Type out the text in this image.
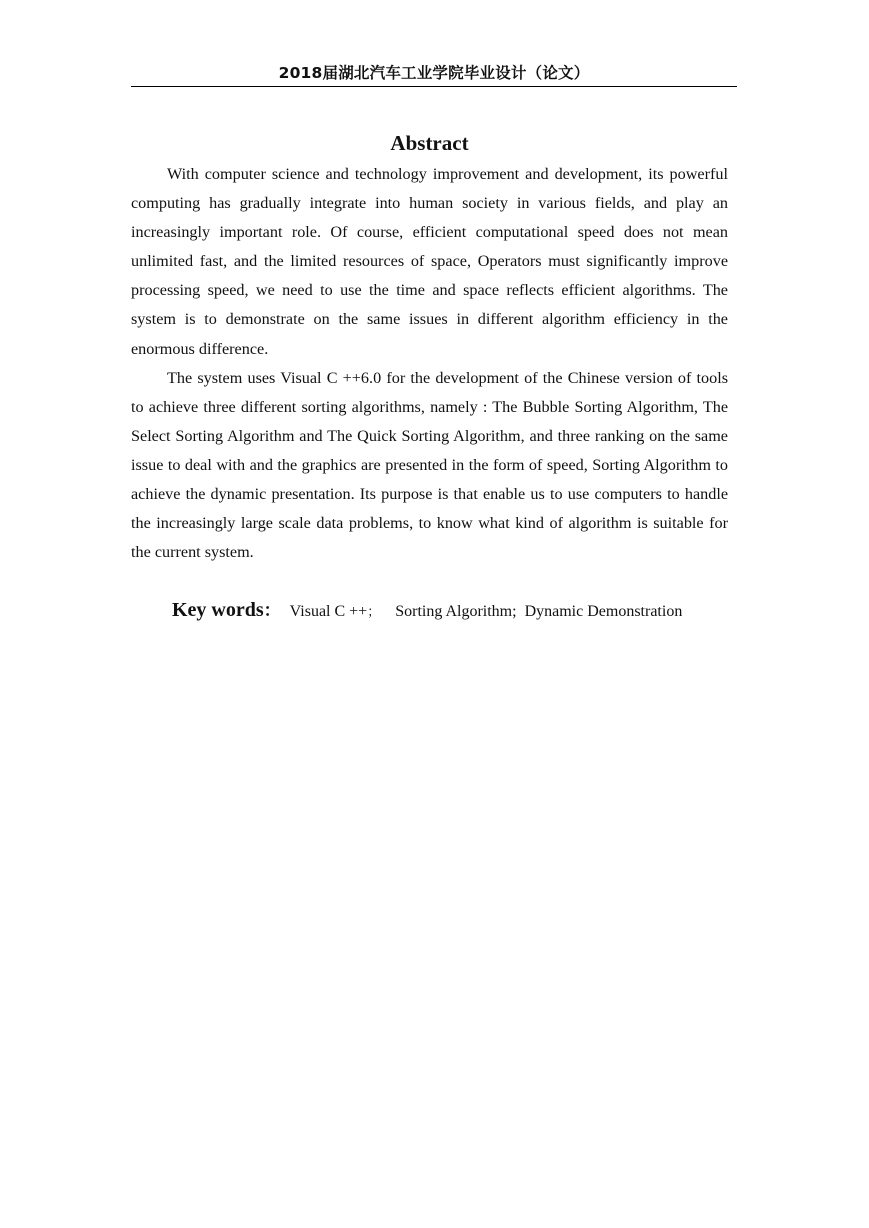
2018届湖北汽车工业学院毕业设计（论文）
Abstract

With computer science and technology improvement and development, its powerful computing has gradually integrate into human society in various fields, and play an increasingly important role. Of course, efficient computational speed does not mean unlimited fast, and the limited resources of space, Operators must significantly improve processing speed, we need to use the time and space reflects efficient algorithms. The system is to demonstrate on the same issues in different algorithm efficiency in the enormous difference.

The system uses Visual C ++6.0 for the development of the Chinese version of tools to achieve three different sorting algorithms, namely : The Bubble Sorting Algorithm, The Select Sorting Algorithm and The Quick Sorting Algorithm, and three ranking on the same issue to deal with and the graphics are presented in the form of speed, Sorting Algorithm to achieve the dynamic presentation. Its purpose is that enable us to use computers to handle the increasingly large scale data problems, to know what kind of algorithm is suitable for the current system.

Key words： Visual C ++； Sorting Algorithm; Dynamic Demonstration
